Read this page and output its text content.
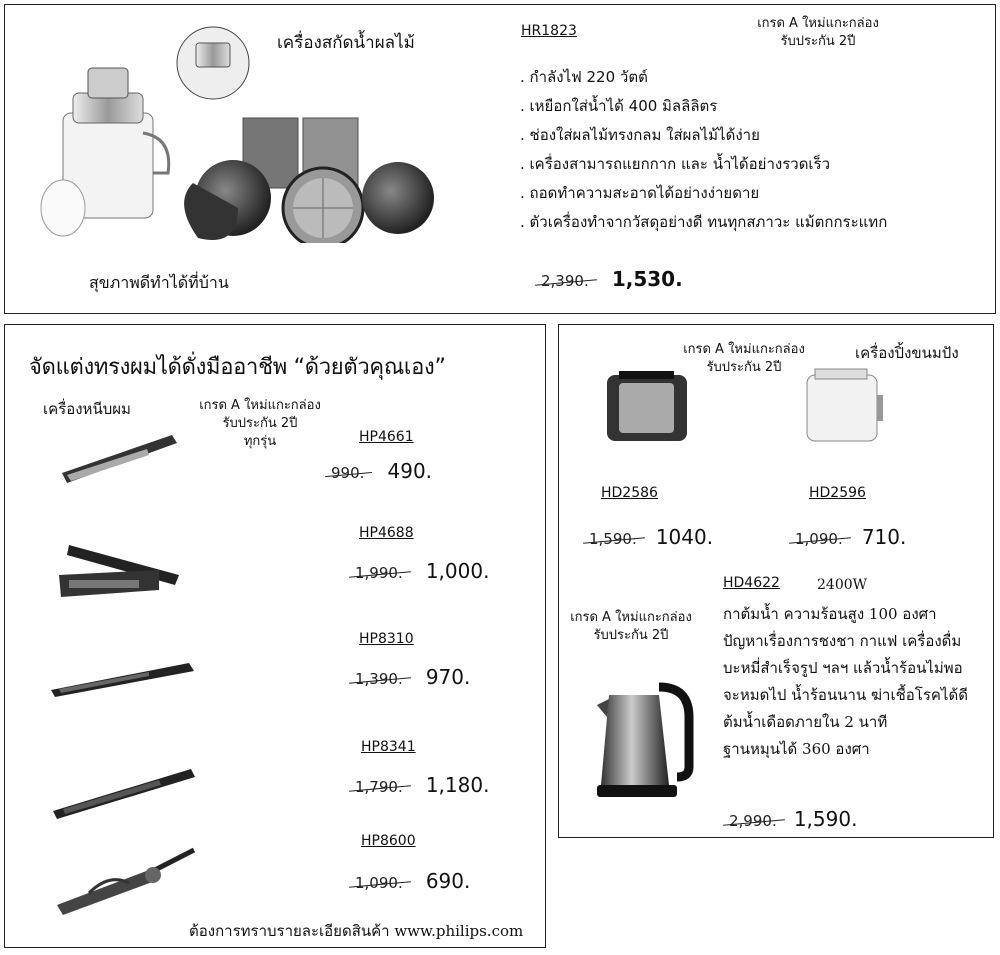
เครื่องสกัดน้ำผลไม้
HR1823	เกรด A ใหม่แกะกล่อง
รับประกัน 2ปี
. กำลังไฟ 220 วัตต์
. เหยือกใส่น้ำได้ 400 มิลลิลิตร
. ช่องใส่ผลไม้ทรงกลม ใส่ผลไม้ได้ง่าย
. เครื่องสามารถแยกกาก และ น้ำได้อย่างรวดเร็ว
. ถอดทำความสะอาดได้อย่างง่ายดาย
. ตัวเครื่องทำจากวัสดุอย่างดี ทนทุกสภาวะ แม้ตกกระแทก
สุขภาพดีทำได้ที่บ้าน	2,390. 1,530.
จัดแต่งทรงผมได้ดั่งมืออาชีพ “ด้วยตัวคุณเอง”
เครื่องหนีบผม	เกรด A ใหม่แกะกล่อง
รับประกัน 2ปี
ทุกรุ่น	HP4661
990. 490.
HP4688
1,990. 1,000.
HP8310
1,390. 970.
HP8341
1,790. 1,180.
HP8600
1,090. 690.
ต้องการทราบรายละเอียดสินค้า www.philips.com
เกรด A ใหม่แกะกล่อง
รับประกัน 2ปี
เครื่องปิ้งขนมปัง
HD2586	HD2596
1,590. 1040.	1,090. 710.
HD4622	2400W
เกรด A ใหม่แกะกล่อง
รับประกัน 2ปี
กาต้มน้ำ ความร้อนสูง 100 องศา
ปัญหาเรื่องการชงชา กาแฟ เครื่องดื่ม
บะหมี่สำเร็จรูป ฯลฯ แล้วน้ำร้อนไม่พอ
จะหมดไป น้ำร้อนนาน ฆ่าเชื้อโรคได้ดี
ต้มน้ำเดือดภายใน 2 นาที
ฐานหมุนได้ 360 องศา
2,990. 1,590.
